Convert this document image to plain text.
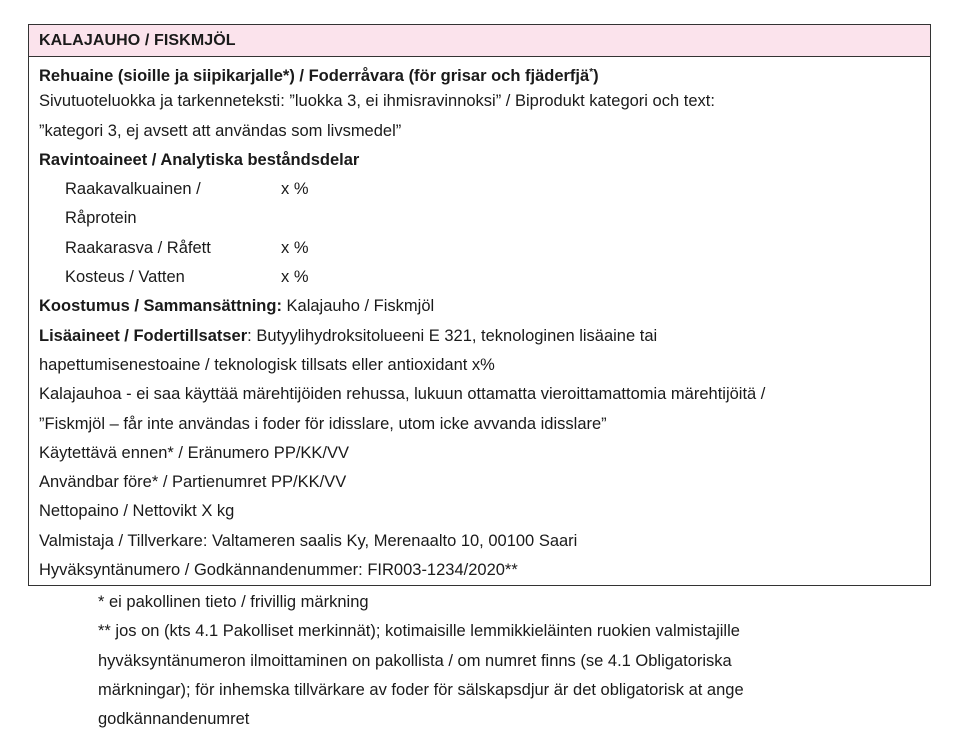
KALAJAUHO / FISKMJÖL
Rehuaine (sioille ja siipikarjalle*) / Foderråvara (för grisar och fjäderfjä*)
Sivutuoteluokka ja tarkenneteksti: ”luokka 3, ei ihmisravinnoksi” / Biprodukt kategori och text:
”kategori 3, ej avsett att användas som livsmedel”
Ravintoaineet / Analytiska beståndsdelar
Raakavalkuainen /	x %
Råprotein
Raakarasva / Råfett	x %
Kosteus / Vatten	x %
Koostumus / Sammansättning: Kalajauho / Fiskmjöl
Lisäaineet / Fodertillsatser: Butyylihydroksitolueeni E 321, teknologinen lisäaine tai
hapettumisenestoaine / teknologisk tillsats eller antioxidant x%
Kalajauhoa - ei saa käyttää märehtijöiden rehussa, lukuun ottamatta vieroittamattomia märehtijöitä /
”Fiskmjöl – får inte användas i foder för idisslare, utom icke avvanda idisslare”
Käytettävä ennen* / Eränumero PP/KK/VV
Användbar före* / Partienumret PP/KK/VV
Nettopaino / Nettovikt X kg
Valmistaja / Tillverkare: Valtameren saalis Ky, Merenaalto 10, 00100 Saari
Hyväksyntänumero / Godkännandenummer: FIR003-1234/2020**
* ei pakollinen tieto / frivillig märkning
** jos on (kts 4.1 Pakolliset merkinnät); kotimaisille lemmikkieläinten ruokien valmistajille
hyväksyntänumeron ilmoittaminen on pakollista / om numret finns (se 4.1 Obligatoriska
märkningar); för inhemska tillvärkare av foder för sälskapsdjur är det obligatorisk at ange
godkännandenumret
